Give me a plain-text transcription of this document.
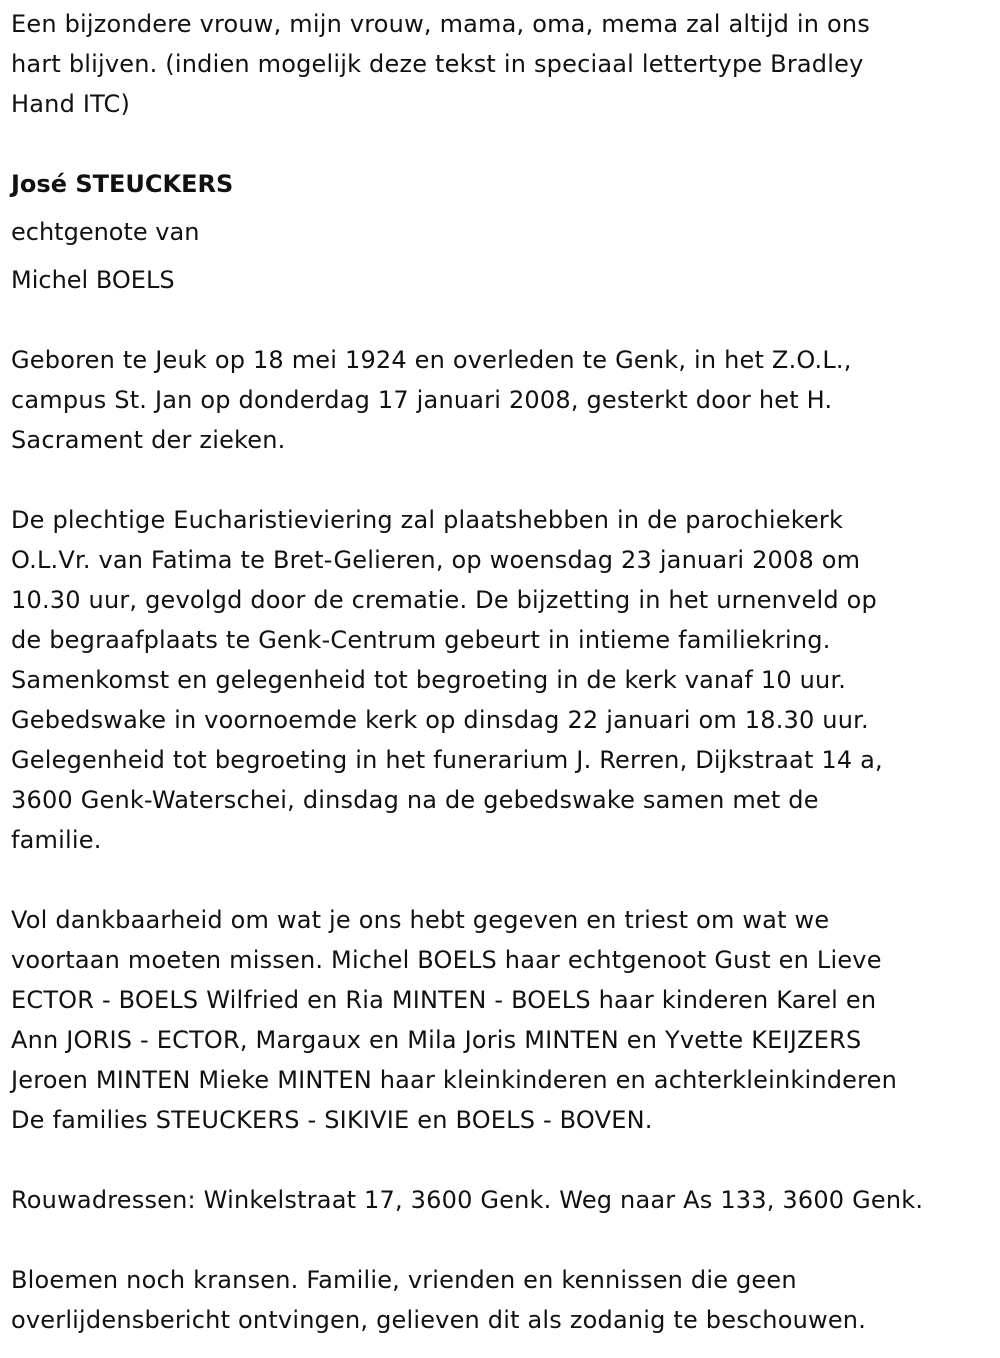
Een bijzondere vrouw, mijn vrouw, mama, oma, mema zal altijd in ons
hart blijven. (indien mogelijk deze tekst in speciaal lettertype Bradley
Hand ITC)

José STEUCKERS
echtgenote van
Michel BOELS

Geboren te Jeuk op 18 mei 1924 en overleden te Genk, in het Z.O.L.,
campus St. Jan op donderdag 17 januari 2008, gesterkt door het H.
Sacrament der zieken.

De plechtige Eucharistieviering zal plaatshebben in de parochiekerk
O.L.Vr. van Fatima te Bret-Gelieren, op woensdag 23 januari 2008 om
10.30 uur, gevolgd door de crematie. De bijzetting in het urnenveld op
de begraafplaats te Genk-Centrum gebeurt in intieme familiekring.
Samenkomst en gelegenheid tot begroeting in de kerk vanaf 10 uur.
Gebedswake in voornoemde kerk op dinsdag 22 januari om 18.30 uur.
Gelegenheid tot begroeting in het funerarium J. Rerren, Dijkstraat 14 a,
3600 Genk-Waterschei, dinsdag na de gebedswake samen met de
familie.

Vol dankbaarheid om wat je ons hebt gegeven en triest om wat we
voortaan moeten missen. Michel BOELS haar echtgenoot Gust en Lieve
ECTOR - BOELS Wilfried en Ria MINTEN - BOELS haar kinderen Karel en
Ann JORIS - ECTOR, Margaux en Mila Joris MINTEN en Yvette KEIJZERS
Jeroen MINTEN Mieke MINTEN haar kleinkinderen en achterkleinkinderen
De families STEUCKERS - SIKIVIE en BOELS - BOVEN.

Rouwadressen: Winkelstraat 17, 3600 Genk. Weg naar As 133, 3600 Genk.

Bloemen noch kransen. Familie, vrienden en kennissen die geen
overlijdensbericht ontvingen, gelieven dit als zodanig te beschouwen.
